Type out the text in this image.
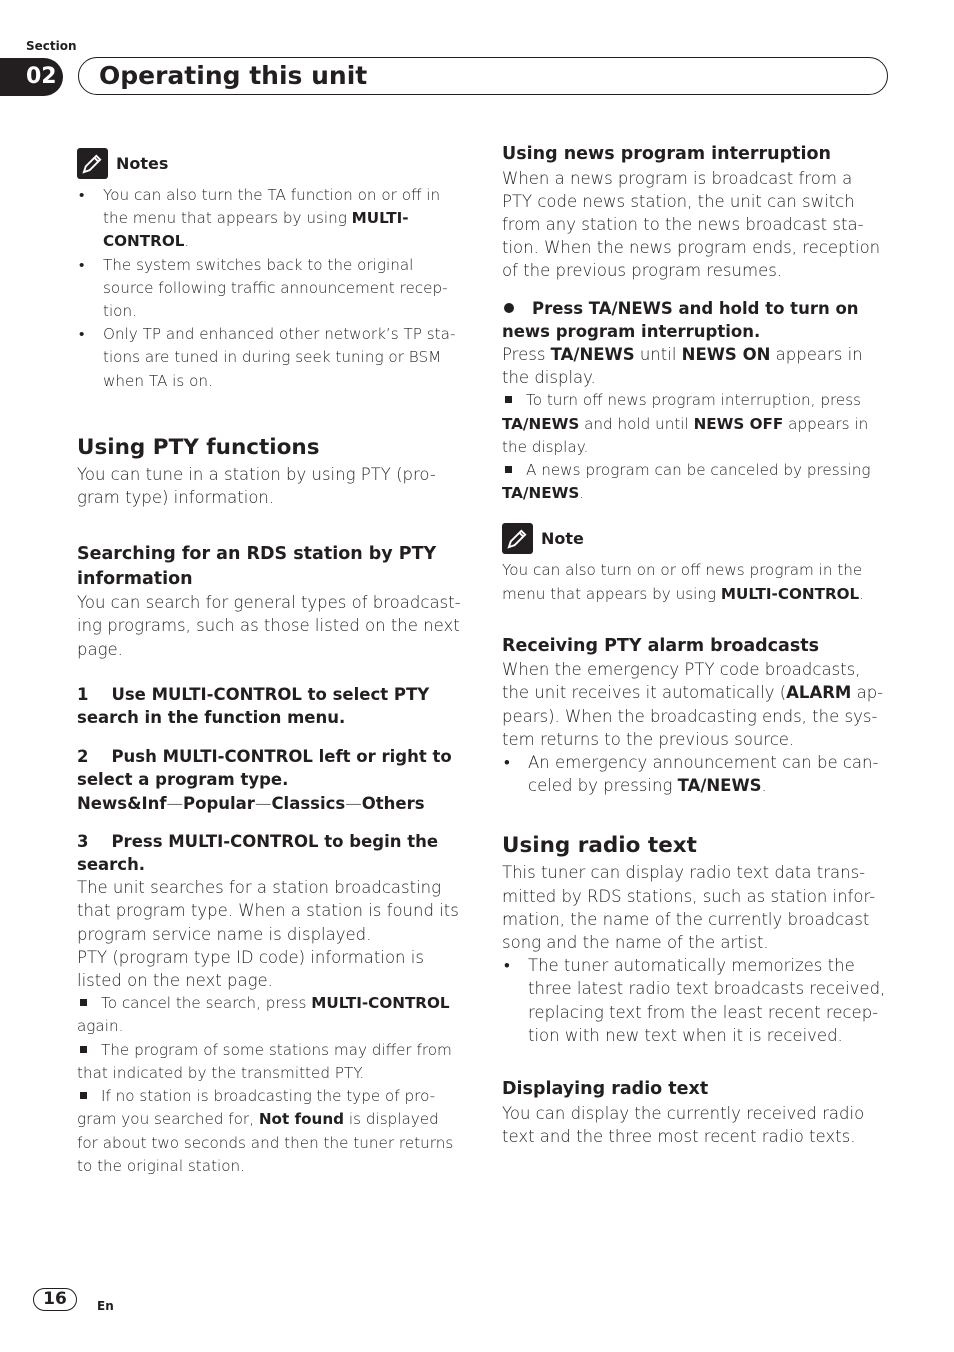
Section
02 Operating this unit
Notes
• You can also turn the TA function on or off in the menu that appears by using MULTI-CONTROL.
• The system switches back to the original source following traffic announcement recep-tion.
• Only TP and enhanced other network’s TP sta-tions are tuned in during seek tuning or BSM when TA is on.
Using PTY functions

You can tune in a station by using PTY (pro-gram type) information.

Searching for an RDS station by PTY information

You can search for general types of broadcast-ing programs, such as those listed on the next page.

1    Use MULTI-CONTROL to select PTY search in the function menu.
2    Push MULTI-CONTROL left or right to select a program type.

News&Inf—Popular—Classics—Others

3    Press MULTI-CONTROL to begin the search.

The unit searches for a station broadcasting that program type. When a station is found its program service name is displayed.

PTY (program type ID code) information is listed on the next page.

To cancel the search, press MULTI-CONTROL again.

The program of some stations may differ from that indicated by the transmitted PTY.

If no station is broadcasting the type of pro-gram you searched for, Not found is displayed for about two seconds and then the tuner returns to the original station.

Using news program interruption

When a news program is broadcast from a PTY code news station, the unit can switch from any station to the news broadcast sta-tion. When the news program ends, reception of the previous program resumes.

Press TA/NEWS and hold to turn on news program interruption.

Press TA/NEWS until NEWS ON appears in the display.

To turn off news program interruption, press TA/NEWS and hold until NEWS OFF appears in the display.

A news program can be canceled by pressing TA/NEWS.

Note

You can also turn on or off news program in the menu that appears by using MULTI-CONTROL.

Receiving PTY alarm broadcasts

When the emergency PTY code broadcasts, the unit receives it automatically (ALARM ap-pears). When the broadcasting ends, the sys-tem returns to the previous source.

• An emergency announcement can be can-celed by pressing TA/NEWS.
Using radio text

This tuner can display radio text data trans-mitted by RDS stations, such as station infor-mation, the name of the currently broadcast song and the name of the artist.

• The tuner automatically memorizes the three latest radio text broadcasts received, replacing text from the least recent recep-tion with new text when it is received.
Displaying radio text

You can display the currently received radio text and the three most recent radio texts.

16	En
